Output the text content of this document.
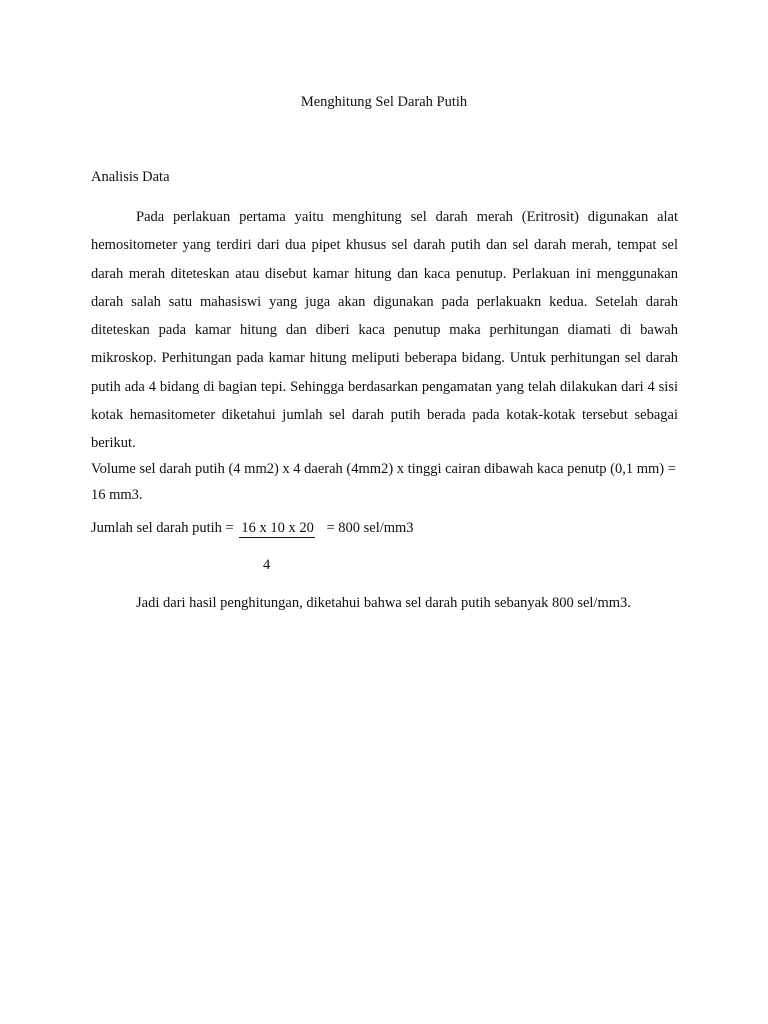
Menghitung Sel Darah Putih
Analisis Data

Pada perlakuan pertama yaitu menghitung sel darah merah (Eritrosit) digunakan alat hemositometer yang terdiri dari dua pipet khusus sel darah putih dan sel darah merah, tempat sel darah merah diteteskan atau disebut kamar hitung dan kaca penutup. Perlakuan ini menggunakan darah salah satu mahasiswi yang juga akan digunakan pada perlakuakn kedua. Setelah darah diteteskan pada kamar hitung dan diberi kaca penutup maka perhitungan diamati di bawah mikroskop. Perhitungan pada kamar hitung meliputi beberapa bidang. Untuk perhitungan sel darah putih ada 4 bidang di bagian tepi. Sehingga berdasarkan pengamatan yang telah dilakukan dari 4 sisi kotak hemasitometer diketahui jumlah sel darah putih berada pada kotak-kotak tersebut sebagai berikut.

Volume sel darah putih (4 mm2) x 4 daerah (4mm2) x tinggi cairan dibawah kaca penutp (0,1 mm) = 16 mm3.

Jumlah sel darah putih = 16 x 10 x 20 = 800 sel/mm3
4
Jadi dari hasil penghitungan, diketahui bahwa sel darah putih sebanyak 800 sel/mm3.
